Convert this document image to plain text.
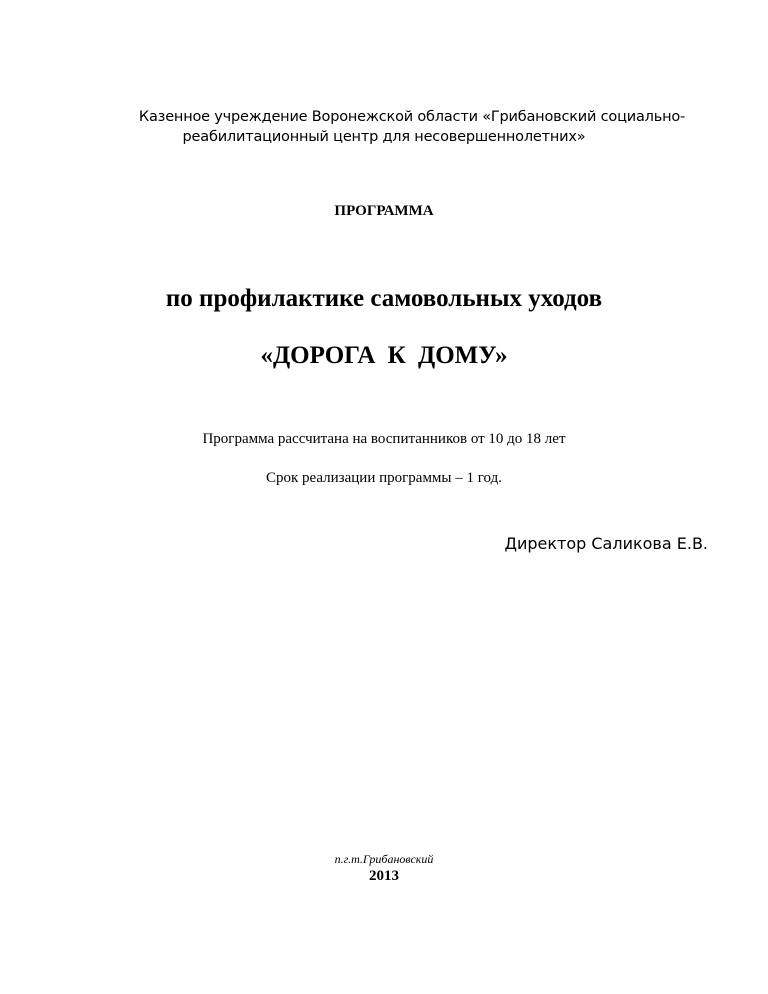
Казенное учреждение Воронежской области «Грибановский социально-
реабилитационный центр для несовершеннолетних»
ПРОГРАММА
по профилактике самовольных уходов
«ДОРОГА К ДОМУ»
Программа рассчитана на воспитанников от 10 до 18 лет
Срок реализации программы – 1 год.
Директор Саликова Е.В.
п.г.т.Грибановский
2013
